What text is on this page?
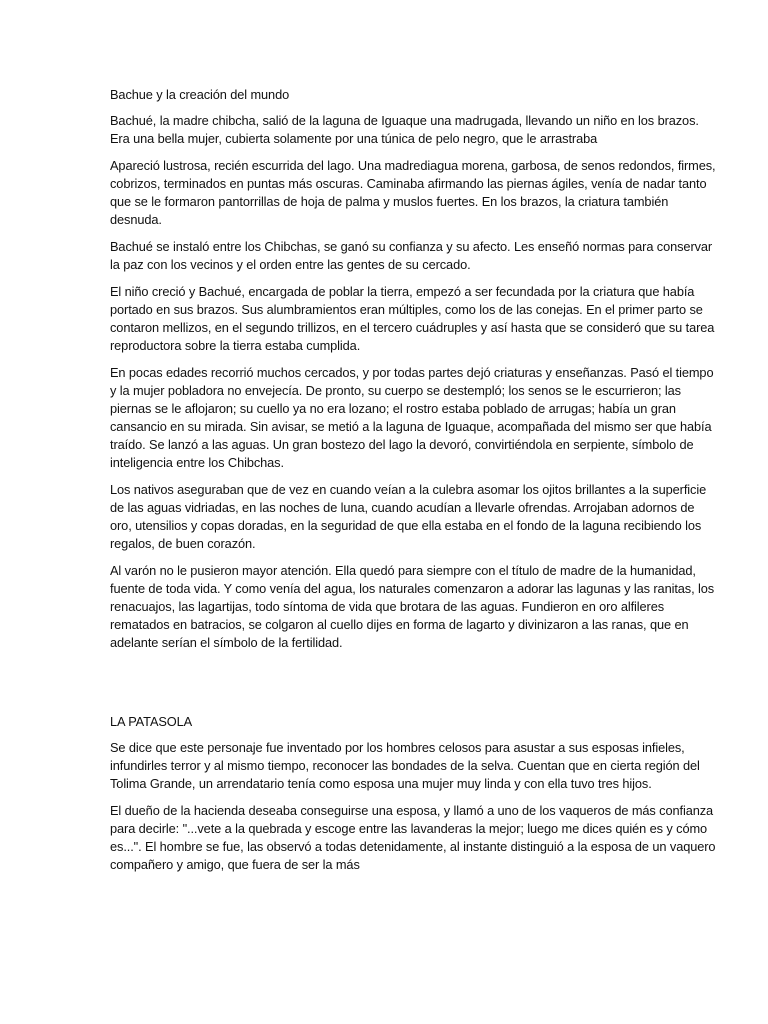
Bachue y la creación del mundo

Bachué, la madre chibcha, salió de la laguna de Iguaque una madrugada, llevando un niño en los brazos. Era una bella mujer, cubierta solamente por una túnica de pelo negro, que le arrastraba

Apareció lustrosa, recién escurrida del lago. Una madrediagua morena, garbosa, de senos redondos, firmes, cobrizos, terminados en puntas más oscuras. Caminaba afirmando las piernas ágiles, venía de nadar tanto que se le formaron pantorrillas de hoja de palma y muslos fuertes. En los brazos, la criatura también desnuda.

Bachué se instaló entre los Chibchas, se ganó su confianza y su afecto. Les enseñó normas para conservar la paz con los vecinos y el orden entre las gentes de su cercado.

El niño creció y Bachué, encargada de poblar la tierra, empezó a ser fecundada por la criatura que había portado en sus brazos. Sus alumbramientos eran múltiples, como los de las conejas. En el primer parto se contaron mellizos, en el segundo trillizos, en el tercero cuádruples y así hasta que se consideró que su tarea reproductora sobre la tierra estaba cumplida.

En pocas edades recorrió muchos cercados, y por todas partes dejó criaturas y enseñanzas. Pasó el tiempo y la mujer pobladora no envejecía. De pronto, su cuerpo se destempló; los senos se le escurrieron; las piernas se le aflojaron; su cuello ya no era lozano; el rostro estaba poblado de arrugas; había un gran cansancio en su mirada. Sin avisar, se metió a la laguna de Iguaque, acompañada del mismo ser que había traído. Se lanzó a las aguas. Un gran bostezo del lago la devoró, convirtiéndola en serpiente, símbolo de inteligencia entre los Chibchas.

Los nativos aseguraban que de vez en cuando veían a la culebra asomar los ojitos brillantes a la superficie de las aguas vidriadas, en las noches de luna, cuando acudían a llevarle ofrendas. Arrojaban adornos de oro, utensilios y copas doradas, en la seguridad de que ella estaba en el fondo de la laguna recibiendo los regalos, de buen corazón.

Al varón no le pusieron mayor atención. Ella quedó para siempre con el título de madre de la humanidad, fuente de toda vida. Y como venía del agua, los naturales comenzaron a adorar las lagunas y las ranitas, los renacuajos, las lagartijas, todo síntoma de vida que brotara de las aguas. Fundieron en oro alfileres rematados en batracios, se colgaron al cuello dijes en forma de lagarto y divinizaron a las ranas, que en adelante serían el símbolo de la fertilidad.

LA PATASOLA

Se dice que este personaje fue inventado por los hombres celosos para asustar a sus esposas infieles, infundirles terror y al mismo tiempo, reconocer las bondades de la selva. Cuentan que en cierta región del Tolima Grande, un arrendatario tenía como esposa una mujer muy linda y con ella tuvo tres hijos.

El dueño de la hacienda deseaba conseguirse una esposa, y llamó a uno de los vaqueros de más confianza para decirle: "...vete a la quebrada y escoge entre las lavanderas la mejor; luego me dices quién es y cómo es...". El hombre se fue, las observó a todas detenidamente, al instante distinguió a la esposa de un vaquero compañero y amigo, que fuera de ser la más
